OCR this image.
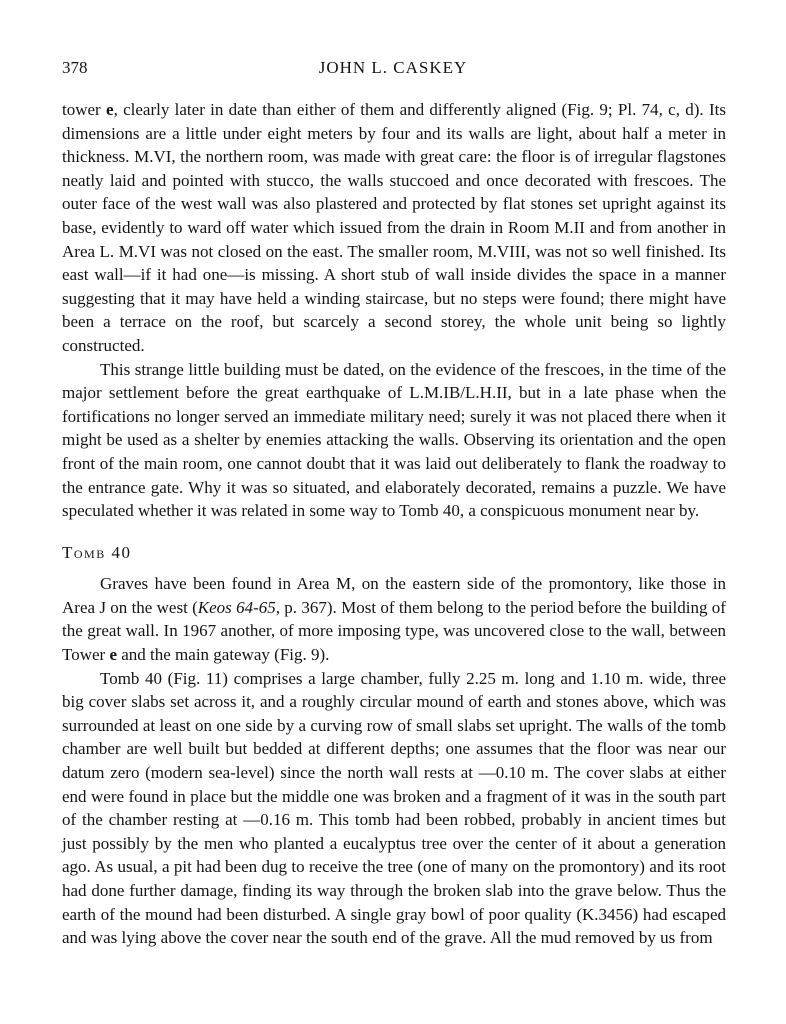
378	JOHN L. CASKEY

tower e, clearly later in date than either of them and differently aligned (Fig. 9; Pl. 74, c, d). Its dimensions are a little under eight meters by four and its walls are light, about half a meter in thickness. M.VI, the northern room, was made with great care: the floor is of irregular flagstones neatly laid and pointed with stucco, the walls stuccoed and once decorated with frescoes. The outer face of the west wall was also plastered and protected by flat stones set upright against its base, evidently to ward off water which issued from the drain in Room M.II and from another in Area L. M.VI was not closed on the east. The smaller room, M.VIII, was not so well finished. Its east wall—if it had one—is missing. A short stub of wall inside divides the space in a manner suggesting that it may have held a winding staircase, but no steps were found; there might have been a terrace on the roof, but scarcely a second storey, the whole unit being so lightly constructed.

This strange little building must be dated, on the evidence of the frescoes, in the time of the major settlement before the great earthquake of L.M.IB/L.H.II, but in a late phase when the fortifications no longer served an immediate military need; surely it was not placed there when it might be used as a shelter by enemies attacking the walls. Observing its orientation and the open front of the main room, one cannot doubt that it was laid out deliberately to flank the roadway to the entrance gate. Why it was so situated, and elaborately decorated, remains a puzzle. We have speculated whether it was related in some way to Tomb 40, a conspicuous monument near by.

Tomb 40

Graves have been found in Area M, on the eastern side of the promontory, like those in Area J on the west (Keos 64-65, p. 367). Most of them belong to the period before the building of the great wall. In 1967 another, of more imposing type, was uncovered close to the wall, between Tower e and the main gateway (Fig. 9).

Tomb 40 (Fig. 11) comprises a large chamber, fully 2.25 m. long and 1.10 m. wide, three big cover slabs set across it, and a roughly circular mound of earth and stones above, which was surrounded at least on one side by a curving row of small slabs set upright. The walls of the tomb chamber are well built but bedded at different depths; one assumes that the floor was near our datum zero (modern sea-level) since the north wall rests at —0.10 m. The cover slabs at either end were found in place but the middle one was broken and a fragment of it was in the south part of the chamber resting at —0.16 m. This tomb had been robbed, probably in ancient times but just possibly by the men who planted a eucalyptus tree over the center of it about a generation ago. As usual, a pit had been dug to receive the tree (one of many on the promontory) and its root had done further damage, finding its way through the broken slab into the grave below. Thus the earth of the mound had been disturbed. A single gray bowl of poor quality (K.3456) had escaped and was lying above the cover near the south end of the grave. All the mud removed by us from
